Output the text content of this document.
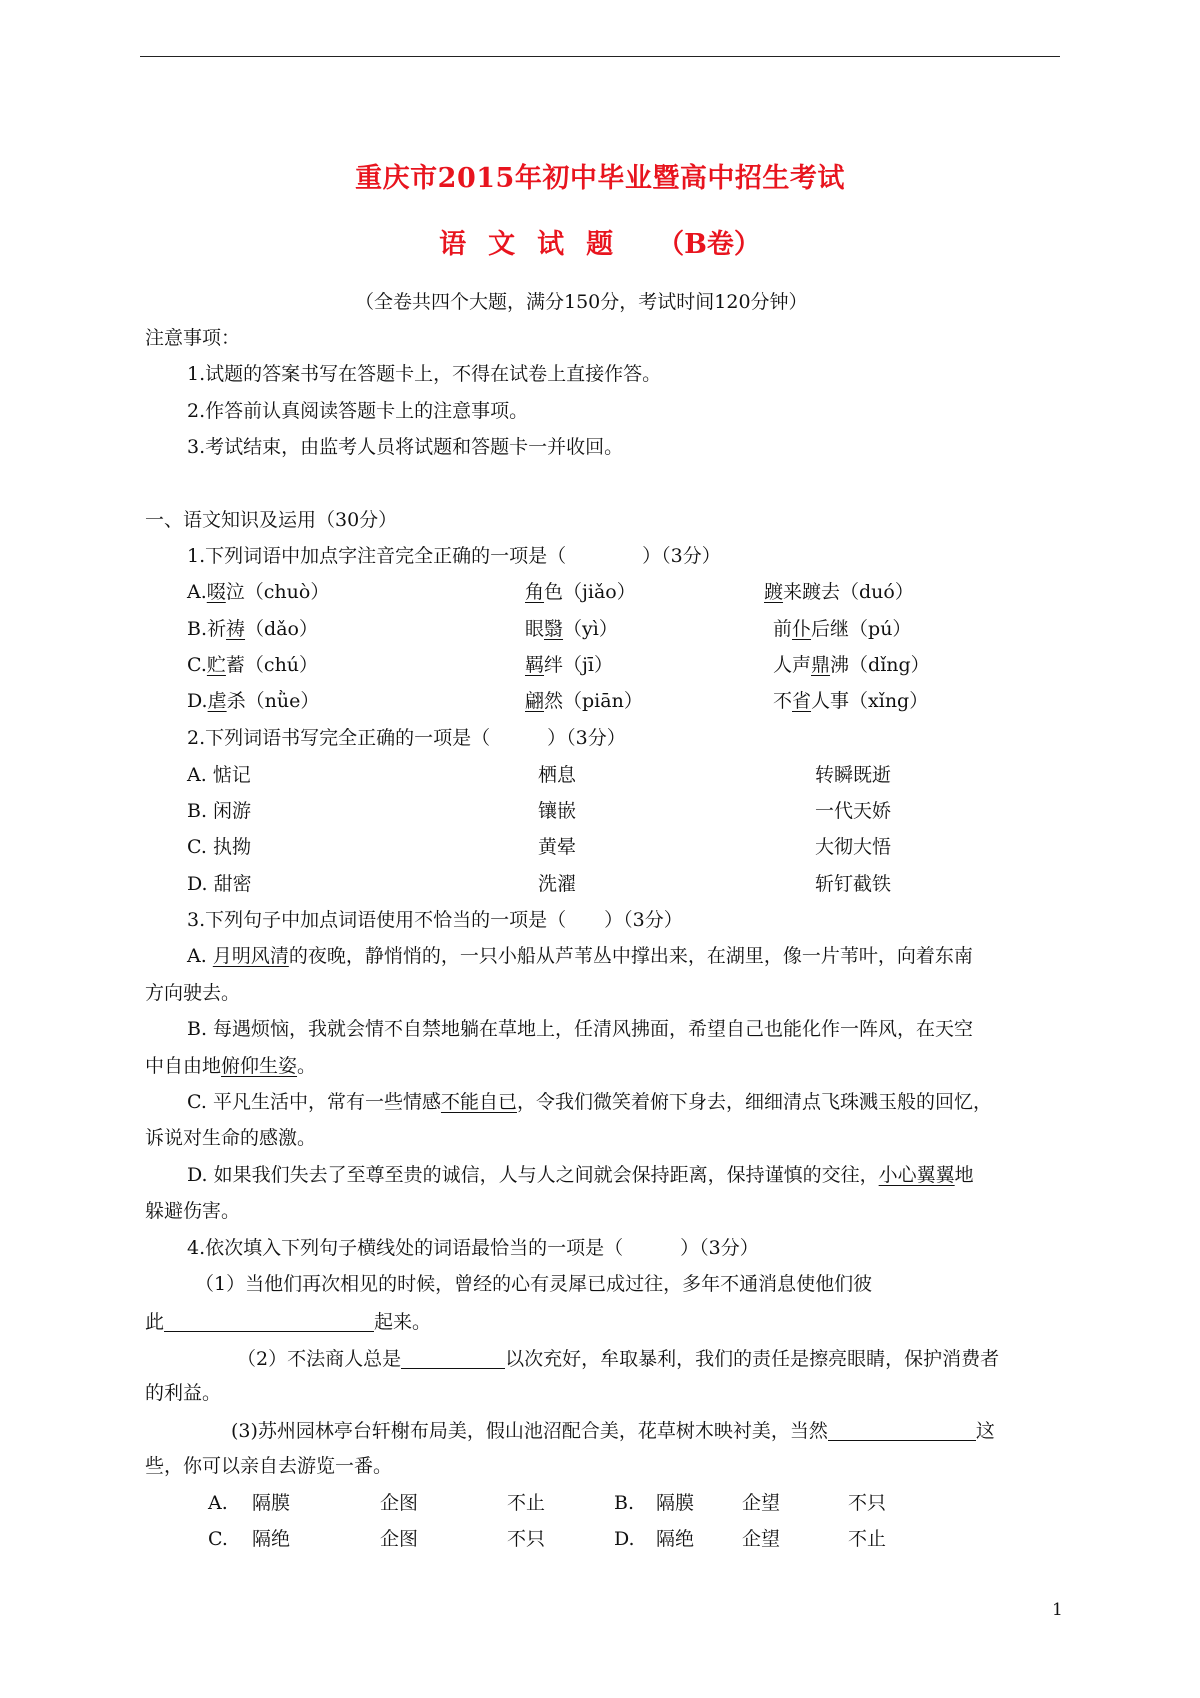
重庆市2015年初中毕业暨高中招生考试
语 文 试 题 （B卷）
（全卷共四个大题，满分150分，考试时间120分钟）
注意事项：
1.试题的答案书写在答题卡上，不得在试卷上直接作答。
2.作答前认真阅读答题卡上的注意事项。
3.考试结束，由监考人员将试题和答题卡一并收回。
一、语文知识及运用（30分）
1.下列词语中加点字注音完全正确的一项是（　　　　）（3分）
A.啜泣（chuò）	角色（jiǎo）	踱来踱去（duó）
B.祈祷（dǎo）	眼翳（yì）	前仆后继（pú）
C.贮蓄（chú）	羁绊（jī）	人声鼎沸（dǐng）
D.虐杀（nǜe）	翩然（piān）	不省人事（xǐng）
2.下列词语书写完全正确的一项是（　　　）（3分）
A. 惦记	栖息	转瞬既逝
B. 闲游	镶嵌	一代天娇
C. 执拗	黄晕	大彻大悟
D. 甜密	洗濯	斩钉截铁
3.下列句子中加点词语使用不恰当的一项是（　　）（3分）
A. 月明风清的夜晚，静悄悄的，一只小船从芦苇丛中撑出来，在湖里，像一片苇叶，向着东南
方向驶去。
B. 每遇烦恼，我就会情不自禁地躺在草地上，任清风拂面，希望自己也能化作一阵风，在天空
中自由地俯仰生姿。
C. 平凡生活中，常有一些情感不能自已，令我们微笑着俯下身去，细细清点飞珠溅玉般的回忆，
诉说对生命的感激。
D. 如果我们失去了至尊至贵的诚信，人与人之间就会保持距离，保持谨慎的交往，小心翼翼地
躲避伤害。
4.依次填入下列句子横线处的词语最恰当的一项是（　　　）（3分）
（1）当他们再次相见的时候，曾经的心有灵犀已成过往，多年不通消息使他们彼
此	起来。
（2）不法商人总是	以次充好，牟取暴利，我们的责任是擦亮眼睛，保护消费者
的利益。
(3)苏州园林亭台轩榭布局美，假山池沼配合美，花草树木映衬美，当然	这
些，你可以亲自去游览一番。
A. 隔膜	企图	不止	B. 隔膜	企望	不只
C. 隔绝	企图	不只	D. 隔绝	企望	不止
1
